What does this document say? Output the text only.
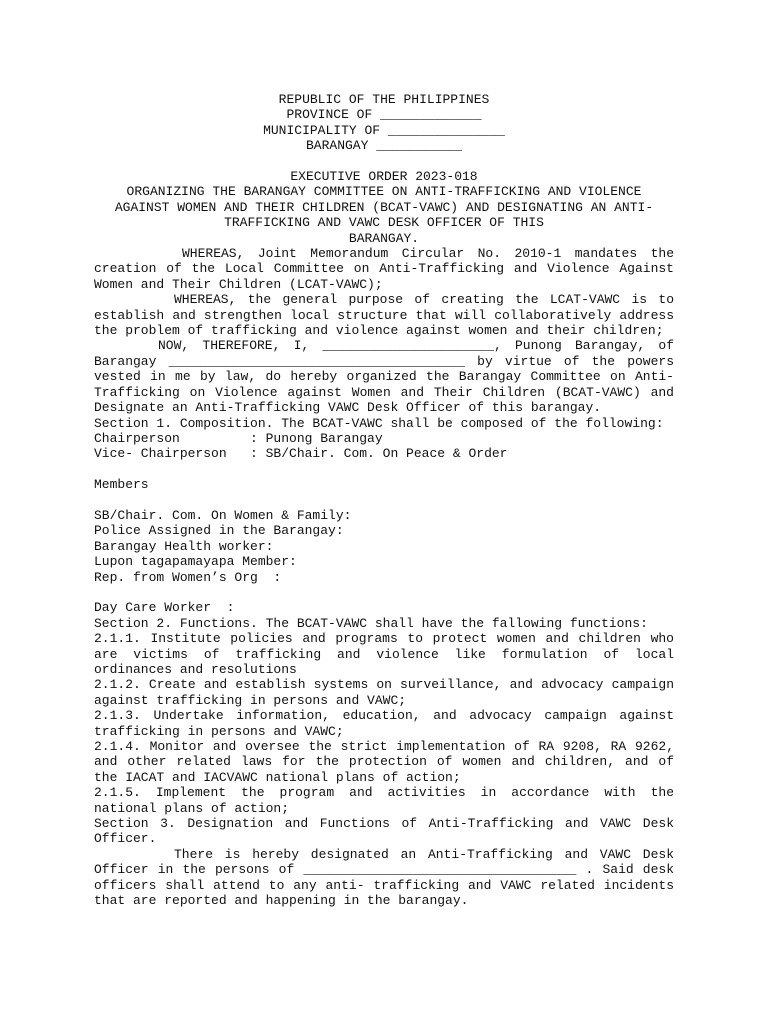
REPUBLIC OF THE PHILIPPINES
PROVINCE OF _____________
MUNICIPALITY OF _______________
BARANGAY ___________
EXECUTIVE ORDER 2023-018
ORGANIZING THE BARANGAY COMMITTEE ON ANTI-TRAFFICKING AND VIOLENCE
AGAINST WOMEN AND THEIR CHILDREN (BCAT-VAWC) AND DESIGNATING AN ANTI-
TRAFFICKING AND VAWC DESK OFFICER OF THIS
BARANGAY.
WHEREAS, Joint Memorandum Circular No. 2010-1 mandates the creation of the Local Committee on Anti-Trafficking and Violence Against Women and Their Children (LCAT-VAWC);
WHEREAS, the general purpose of creating the LCAT-VAWC is to establish and strengthen local structure that will collaboratively address the problem of trafficking and violence against women and their children;
NOW, THEREFORE, I, ______________________, Punong Barangay, of Barangay ______________________________________ by virtue of the powers vested in me by law, do hereby organized the Barangay Committee on Anti-Trafficking on Violence against Women and Their Children (BCAT-VAWC) and Designate an Anti-Trafficking VAWC Desk Officer of this barangay.
Section 1. Composition. The BCAT-VAWC shall be composed of the following:
Chairperson         : Punong Barangay
Vice- Chairperson   : SB/Chair. Com. On Peace & Order
Members
SB/Chair. Com. On Women & Family:
Police Assigned in the Barangay:
Barangay Health worker:
Lupon tagapamayapa Member:
Rep. from Women’s Org  :
Day Care Worker  :
Section 2. Functions. The BCAT-VAWC shall have the fallowing functions:
2.1.1. Institute policies and programs to protect women and children who are victims of trafficking and violence like formulation of local ordinances and resolutions
2.1.2. Create and establish systems on surveillance, and advocacy campaign against trafficking in persons and VAWC;
2.1.3. Undertake information, education, and advocacy campaign against trafficking in persons and VAWC;
2.1.4. Monitor and oversee the strict implementation of RA 9208, RA 9262, and other related laws for the protection of women and children, and of the IACAT and IACVAWC national plans of action;
2.1.5. Implement the program and activities in accordance with the national plans of action;
Section 3. Designation and Functions of Anti-Trafficking and VAWC Desk Officer.
There is hereby designated an Anti-Trafficking and VAWC Desk Officer in the persons of ___________________________________ . Said desk officers shall attend to any anti- trafficking and VAWC related incidents that are reported and happening in the barangay.
